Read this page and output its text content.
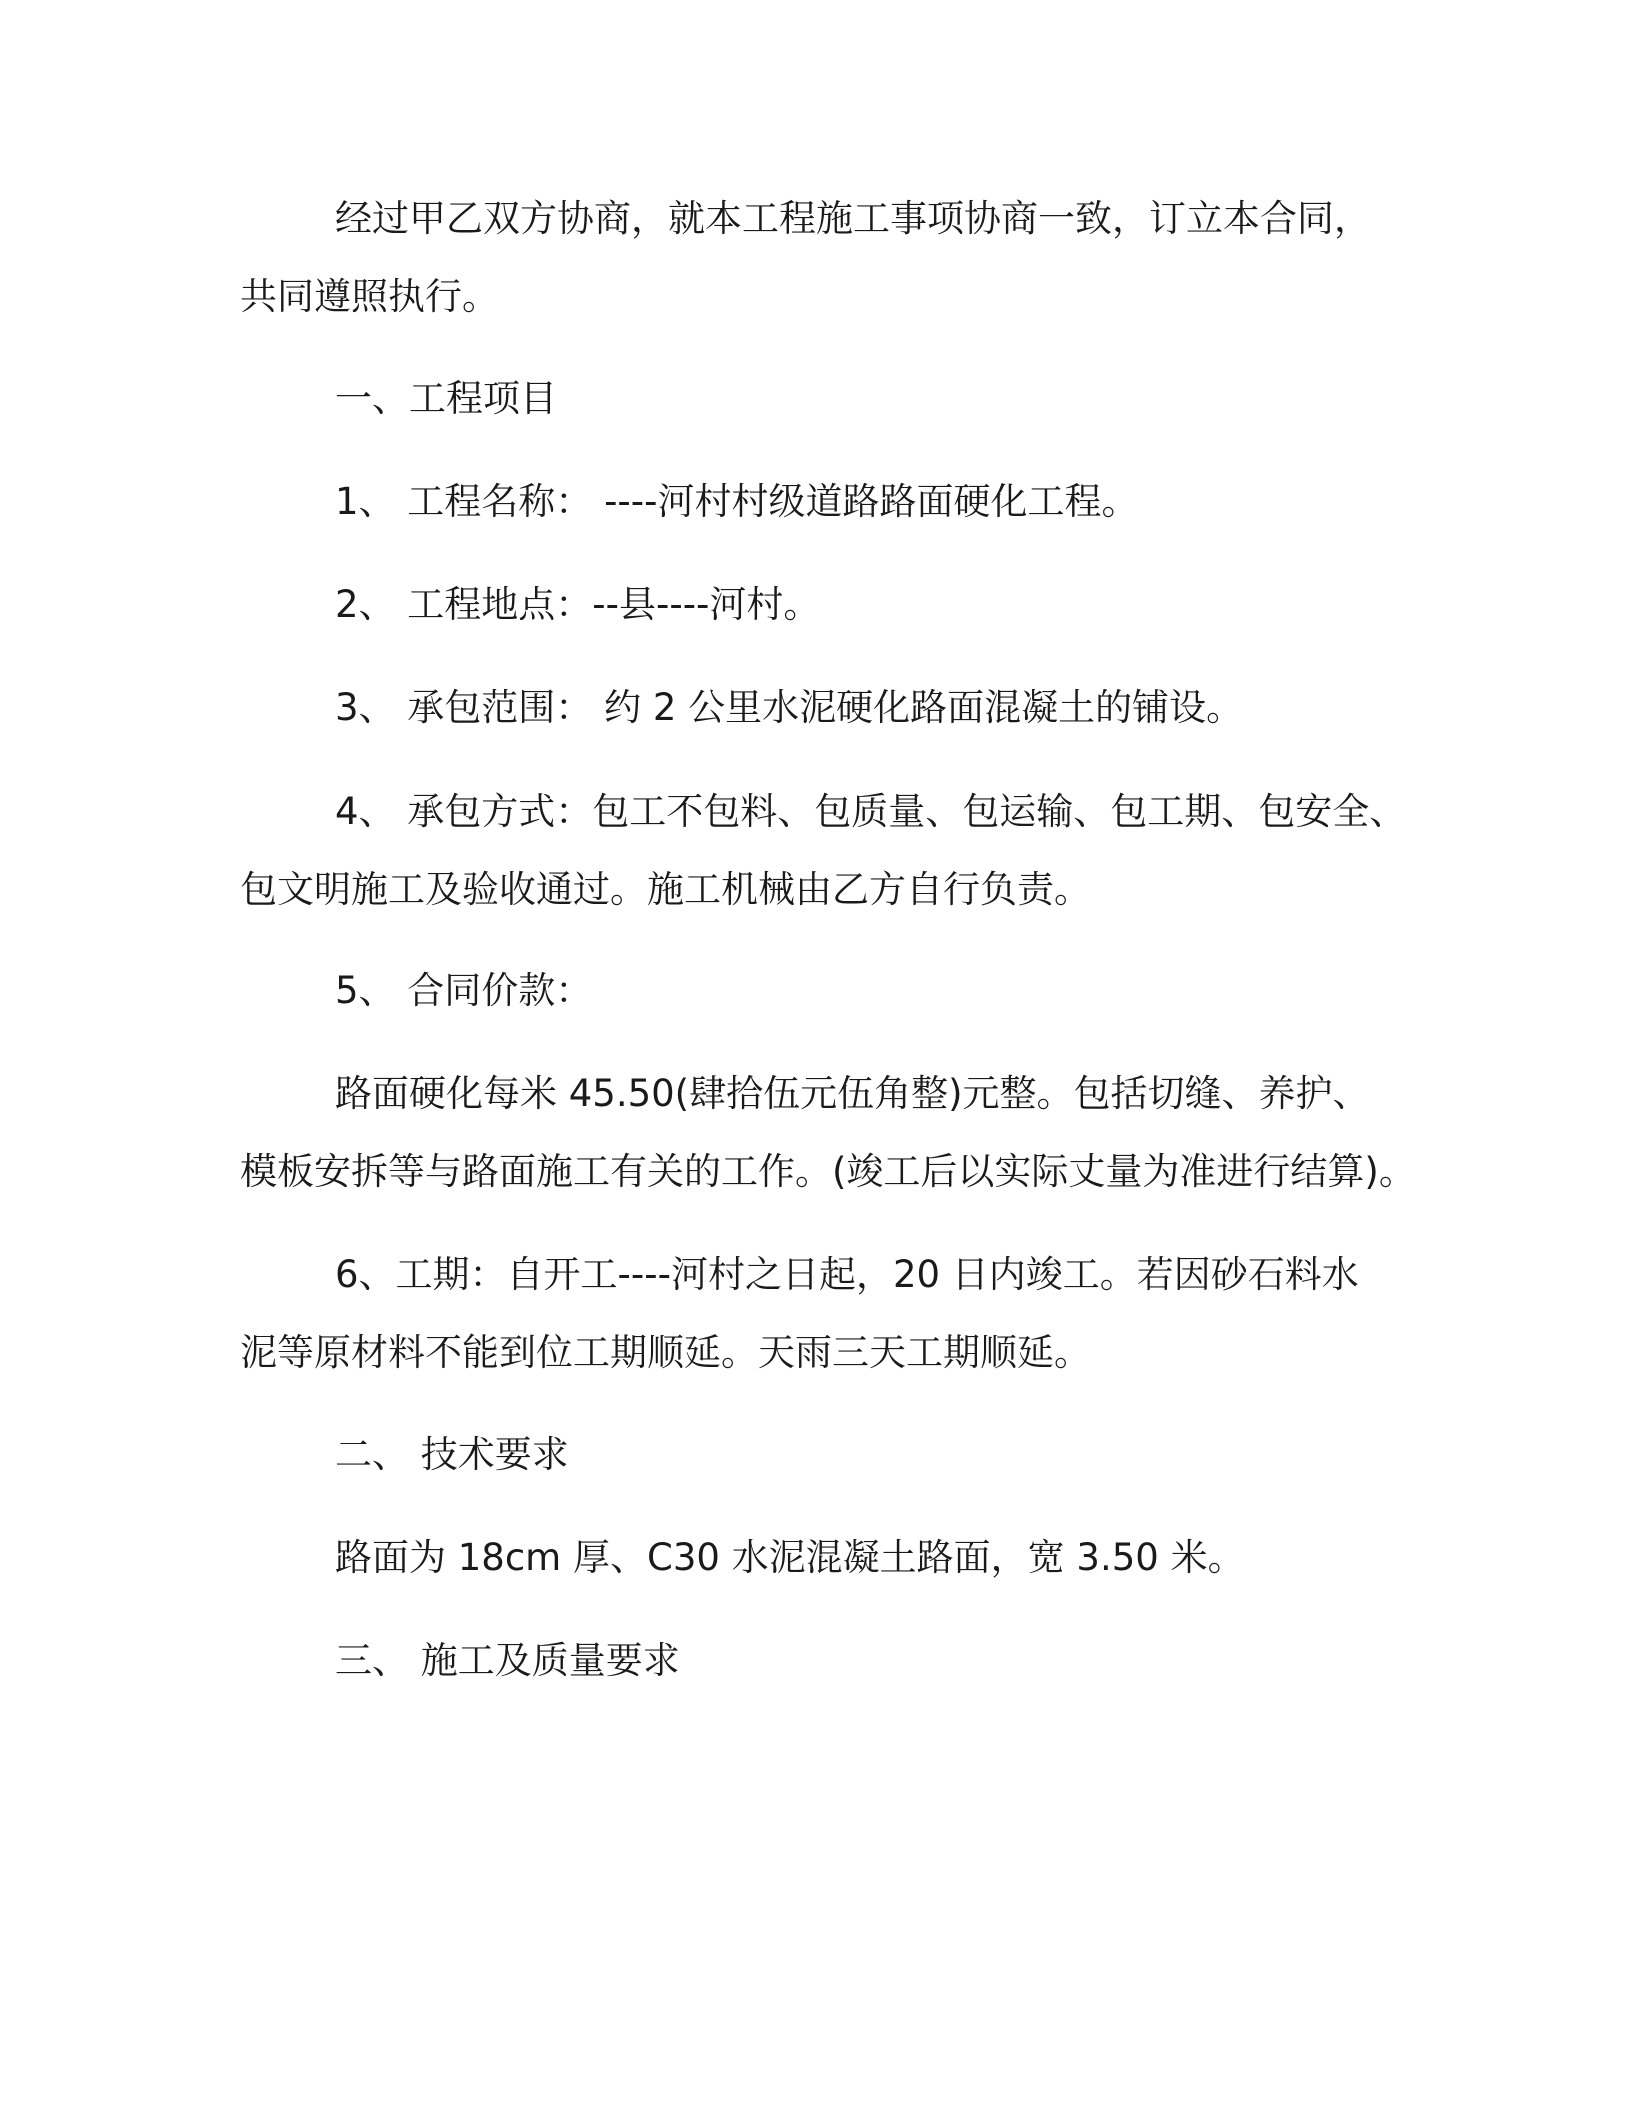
经过甲乙双方协商，就本工程施工事项协商一致，订立本合同，
共同遵照执行。
一、工程项目
1、 工程名称： ----河村村级道路路面硬化工程。
2、 工程地点：--县----河村。
3、 承包范围： 约 2 公里水泥硬化路面混凝土的铺设。
4、 承包方式：包工不包料、包质量、包运输、包工期、包安全、
包文明施工及验收通过。施工机械由乙方自行负责。
5、 合同价款：
路面硬化每米 45.50(肆拾伍元伍角整)元整。包括切缝、养护、
模板安拆等与路面施工有关的工作。(竣工后以实际丈量为准进行结算)。
6、工期：自开工----河村之日起，20 日内竣工。若因砂石料水
泥等原材料不能到位工期顺延。天雨三天工期顺延。
二、 技术要求
路面为 18cm 厚、C30 水泥混凝土路面，宽 3.50 米。
三、 施工及质量要求
